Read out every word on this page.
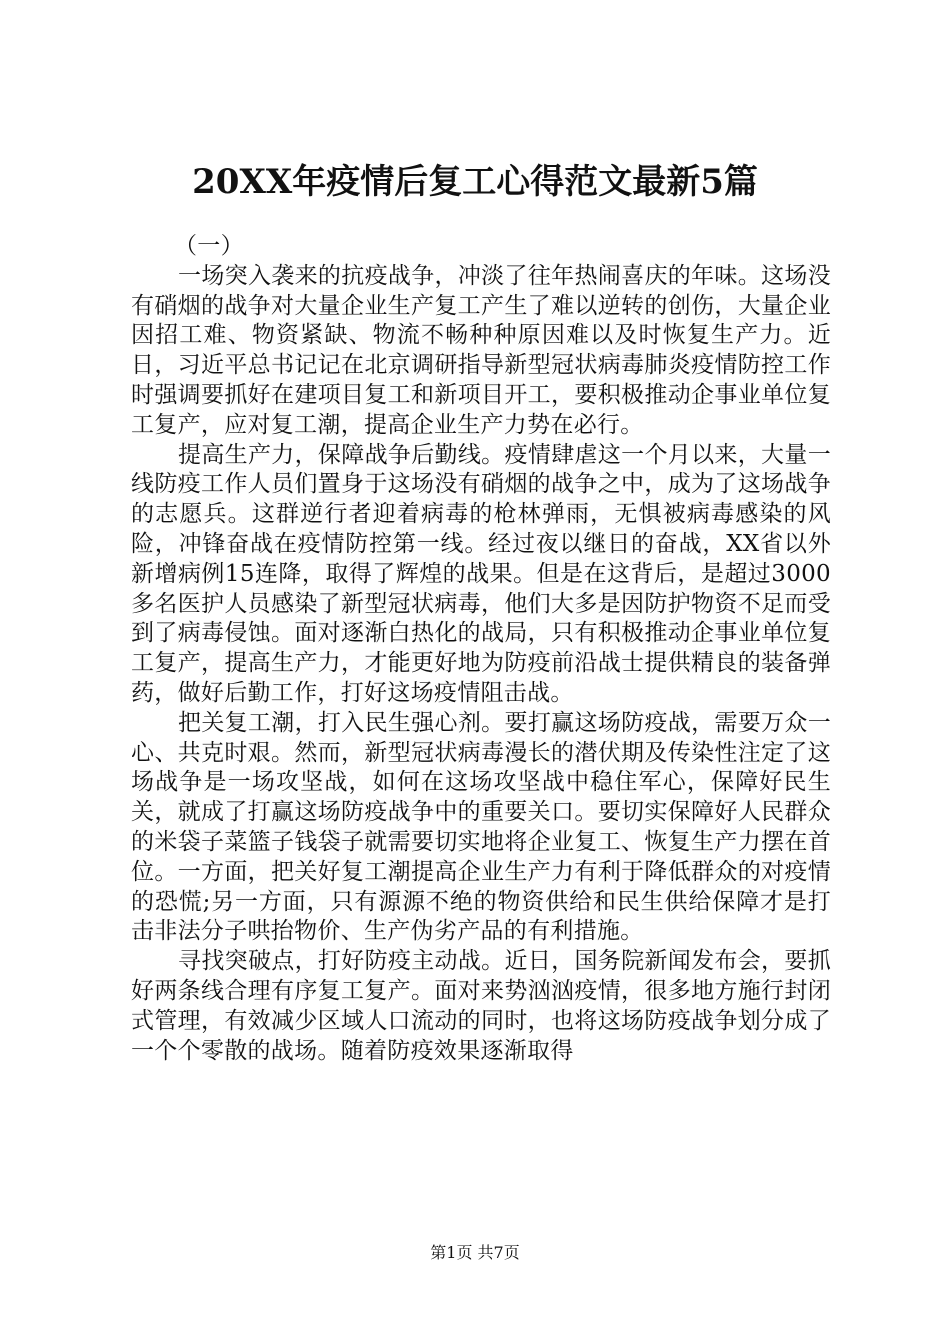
20XX年疫情后复工心得范文最新5篇

（一）

一场突入袭来的抗疫战争，冲淡了往年热闹喜庆的年味。这场没有硝烟的战争对大量企业生产复工产生了难以逆转的创伤，大量企业因招工难、物资紧缺、物流不畅种种原因难以及时恢复生产力。近日，习近平总书记记在北京调研指导新型冠状病毒肺炎疫情防控工作时强调要抓好在建项目复工和新项目开工，要积极推动企事业单位复工复产，应对复工潮，提高企业生产力势在必行。

提高生产力，保障战争后勤线。疫情肆虐这一个月以来，大量一线防疫工作人员们置身于这场没有硝烟的战争之中，成为了这场战争的志愿兵。这群逆行者迎着病毒的枪林弹雨，无惧被病毒感染的风险，冲锋奋战在疫情防控第一线。经过夜以继日的奋战，XX省以外新增病例15连降，取得了辉煌的战果。但是在这背后，是超过3000多名医护人员感染了新型冠状病毒，他们大多是因防护物资不足而受到了病毒侵蚀。面对逐渐白热化的战局，只有积极推动企事业单位复工复产，提高生产力，才能更好地为防疫前沿战士提供精良的装备弹药，做好后勤工作，打好这场疫情阻击战。

把关复工潮，打入民生强心剂。要打赢这场防疫战，需要万众一心、共克时艰。然而，新型冠状病毒漫长的潜伏期及传染性注定了这场战争是一场攻坚战，如何在这场攻坚战中稳住军心，保障好民生关，就成了打赢这场防疫战争中的重要关口。要切实保障好人民群众的米袋子菜篮子钱袋子就需要切实地将企业复工、恢复生产力摆在首位。一方面，把关好复工潮提高企业生产力有利于降低群众的对疫情的恐慌;另一方面，只有源源不绝的物资供给和民生供给保障才是打击非法分子哄抬物价、生产伪劣产品的有利措施。

寻找突破点，打好防疫主动战。近日，国务院新闻发布会，要抓好两条线合理有序复工复产。面对来势汹汹疫情，很多地方施行封闭式管理，有效减少区域人口流动的同时，也将这场防疫战争划分成了一个个零散的战场。随着防疫效果逐渐取得

第1页 共7页
